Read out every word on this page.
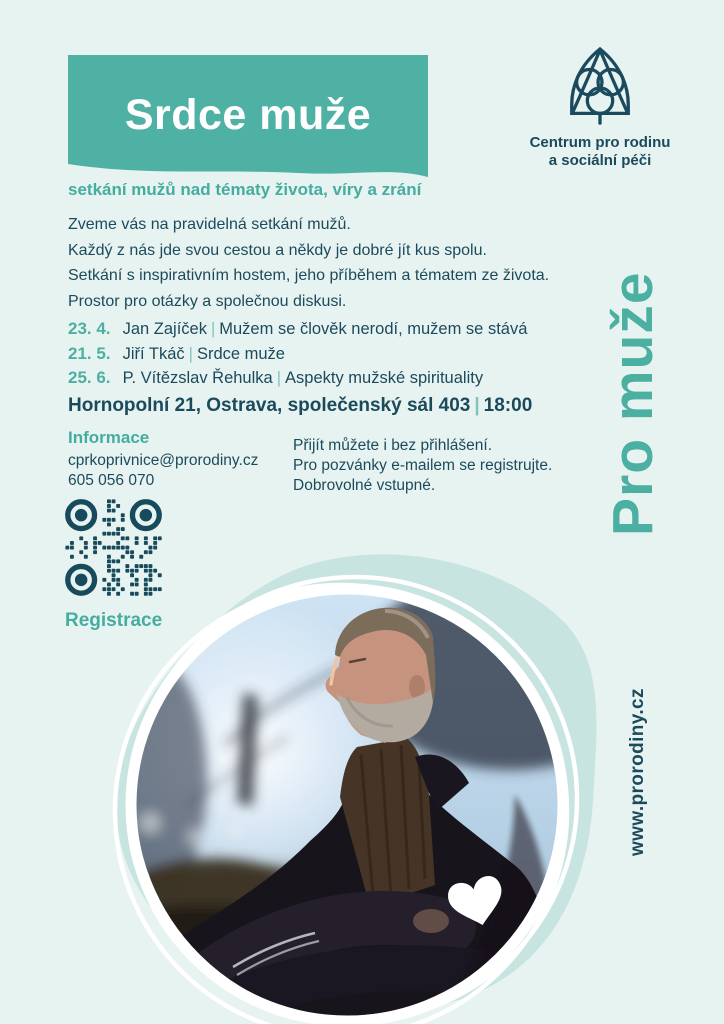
Srdce muže
Centrum pro rodinu
a sociální péči
setkání mužů nad tématy života, víry a zrání
Zveme vás na pravidelná setkání mužů.
Každý z nás jde svou cestou a někdy je dobré jít kus spolu.
Setkání s inspirativním hostem, jeho příběhem a tématem ze života.
Prostor pro otázky a společnou diskusi.
23. 4. Jan Zajíček | Mužem se člověk nerodí, mužem se stává
21. 5. Jiří Tkáč | Srdce muže
25. 6. P. Vítězslav Řehulka | Aspekty mužské spirituality
Hornopolní 21, Ostrava, společenský sál 403 | 18:00
Informace
cprkoprivnice@prorodiny.cz
605 056 070
Přijít můžete i bez přihlášení.
Pro pozvánky e-mailem se registrujte.
Dobrovolné vstupné.
Registrace
Pro muže
www.prorodiny.cz
